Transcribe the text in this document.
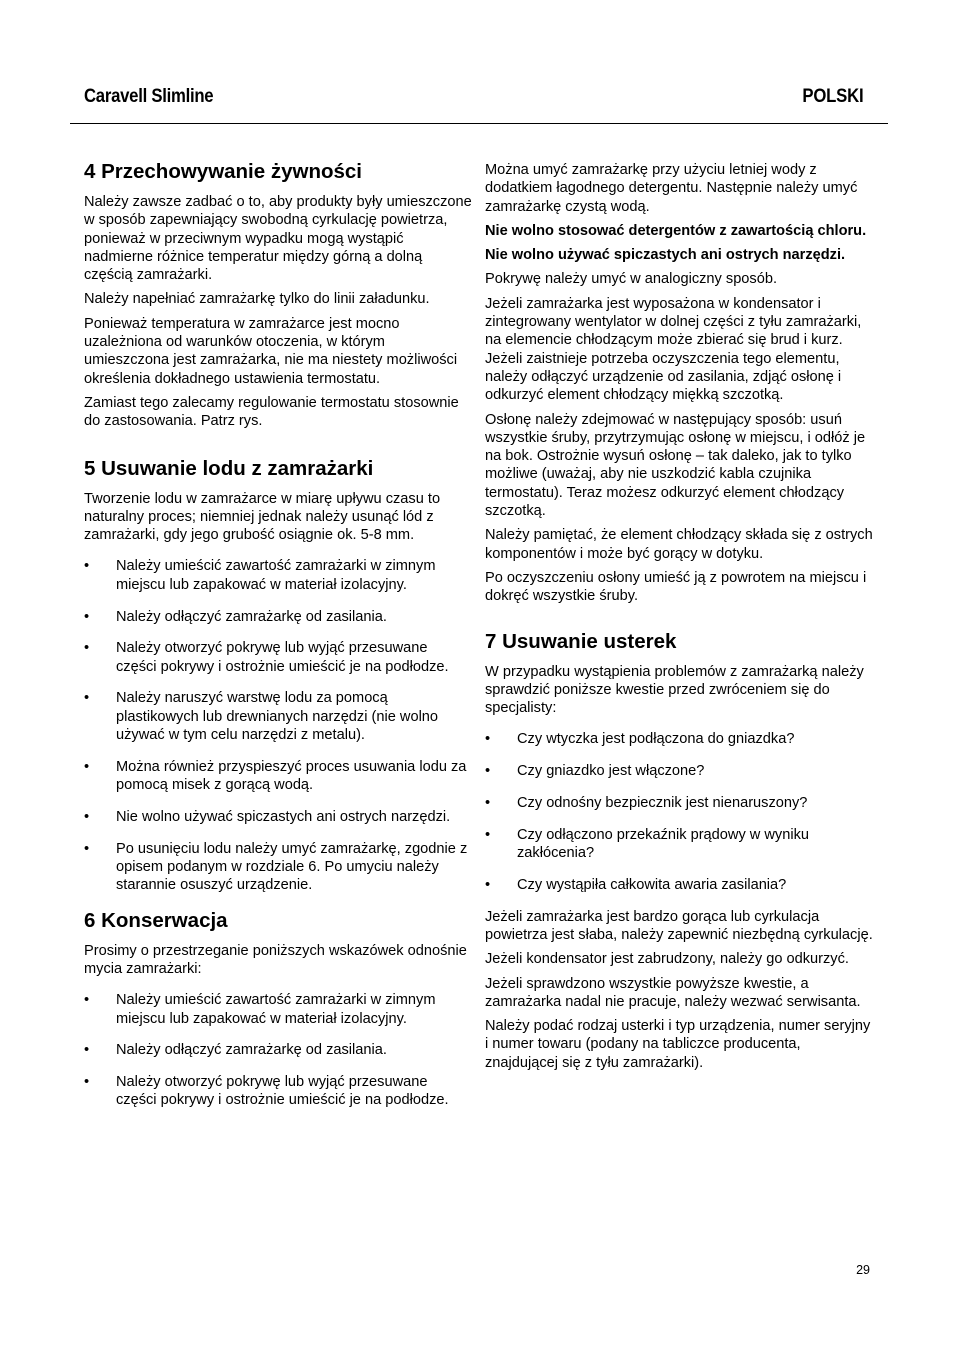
Caravell Slimline	POLSKI
4 Przechowywanie żywności

Należy zawsze zadbać o to, aby produkty były umieszczone w sposób zapewniający swobodną cyrkulację powietrza, ponieważ w przeciwnym wypadku mogą wystąpić nadmierne różnice temperatur między górną a dolną częścią zamrażarki.

Należy napełniać zamrażarkę tylko do linii załadunku.

Ponieważ temperatura w zamrażarce jest mocno uzależniona od warunków otoczenia, w którym umieszczona jest zamrażarka, nie ma niestety możliwości określenia dokładnego ustawienia termostatu.

Zamiast tego zalecamy regulowanie termostatu stosownie do zastosowania. Patrz rys.

5 Usuwanie lodu z zamrażarki

Tworzenie lodu w zamrażarce w miarę upływu czasu to naturalny proces; niemniej jednak należy usunąć lód z zamrażarki, gdy jego grubość osiągnie ok. 5-8 mm.

• Należy umieścić zawartość zamrażarki w zimnym miejscu lub zapakować w materiał izolacyjny.
• Należy odłączyć zamrażarkę od zasilania.
• Należy otworzyć pokrywę lub wyjąć przesuwane części pokrywy i ostrożnie umieścić je na podłodze.
• Należy naruszyć warstwę lodu za pomocą plastikowych lub drewnianych narzędzi (nie wolno używać w tym celu narzędzi z metalu).
• Można również przyspieszyć proces usuwania lodu za pomocą misek z gorącą wodą.
• Nie wolno używać spiczastych ani ostrych narzędzi.
• Po usunięciu lodu należy umyć zamrażarkę, zgodnie z opisem podanym w rozdziale 6. Po umyciu należy starannie osuszyć urządzenie.
6 Konserwacja

Prosimy o przestrzeganie poniższych wskazówek odnośnie mycia zamrażarki:

• Należy umieścić zawartość zamrażarki w zimnym miejscu lub zapakować w materiał izolacyjny.
• Należy odłączyć zamrażarkę od zasilania.
• Należy otworzyć pokrywę lub wyjąć przesuwane części pokrywy i ostrożnie umieścić je na podłodze.

Można umyć zamrażarkę przy użyciu letniej wody z dodatkiem łagodnego detergentu. Następnie należy umyć zamrażarkę czystą wodą.

Nie wolno stosować detergentów z zawartością chloru.

Nie wolno używać spiczastych ani ostrych narzędzi.

Pokrywę należy umyć w analogiczny sposób.

Jeżeli zamrażarka jest wyposażona w kondensator i zintegrowany wentylator w dolnej części z tyłu zamrażarki, na elemencie chłodzącym może zbierać się brud i kurz. Jeżeli zaistnieje potrzeba oczyszczenia tego elementu, należy odłączyć urządzenie od zasilania, zdjąć osłonę i odkurzyć element chłodzący miękką szczotką.

Osłonę należy zdejmować w następujący sposób: usuń wszystkie śruby, przytrzymując osłonę w miejscu, i odłóż je na bok. Ostrożnie wysuń osłonę – tak daleko, jak to tylko możliwe (uważaj, aby nie uszkodzić kabla czujnika termostatu). Teraz możesz odkurzyć element chłodzący szczotką.

Należy pamiętać, że element chłodzący składa się z ostrych komponentów i może być gorący w dotyku.

Po oczyszczeniu osłony umieść ją z powrotem na miejscu i dokręć wszystkie śruby.

7 Usuwanie usterek

W przypadku wystąpienia problemów z zamrażarką należy sprawdzić poniższe kwestie przed zwróceniem się do specjalisty:

• Czy wtyczka jest podłączona do gniazdka?
• Czy gniazdko jest włączone?
• Czy odnośny bezpiecznik jest nienaruszony?
• Czy odłączono przekaźnik prądowy w wyniku zakłócenia?
• Czy wystąpiła całkowita awaria zasilania?

Jeżeli zamrażarka jest bardzo gorąca lub cyrkulacja powietrza jest słaba, należy zapewnić niezbędną cyrkulację.

Jeżeli kondensator jest zabrudzony, należy go odkurzyć.

Jeżeli sprawdzono wszystkie powyższe kwestie, a zamrażarka nadal nie pracuje, należy wezwać serwisanta.

Należy podać rodzaj usterki i typ urządzenia, numer seryjny i numer towaru (podany na tabliczce producenta, znajdującej się z tyłu zamrażarki).

29
